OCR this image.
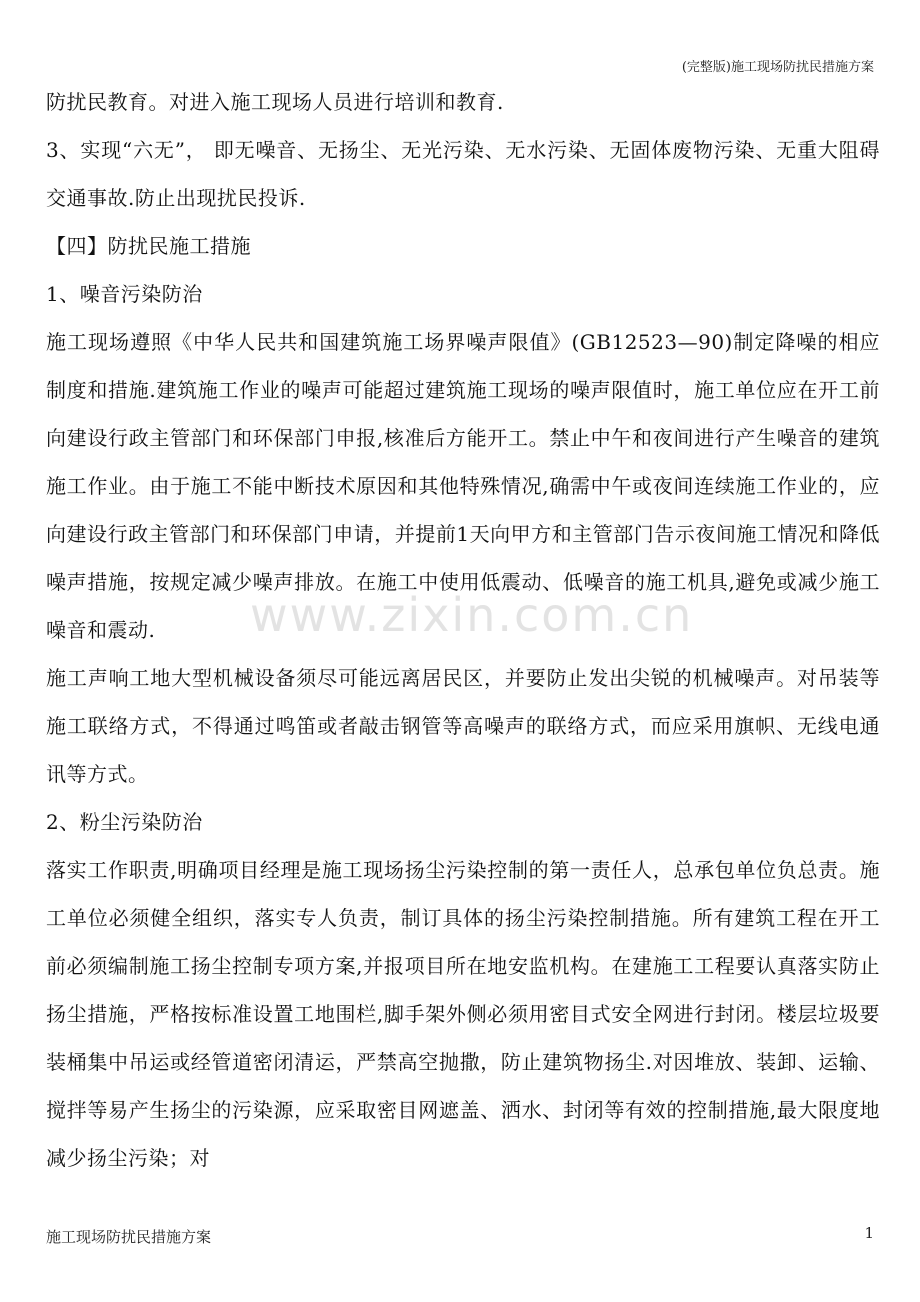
(完整版)施工现场防扰民措施方案

防扰民教育。对进入施工现场人员进行培训和教育.

3、实现“六无”， 即无噪音、无扬尘、无光污染、无水污染、无固体废物污染、无重大阻碍交通事故.防止出现扰民投诉.

【四】防扰民施工措施

1、噪音污染防治

施工现场遵照《中华人民共和国建筑施工场界噪声限值》(GB12523—90)制定降噪的相应制度和措施.建筑施工作业的噪声可能超过建筑施工现场的噪声限值时，施工单位应在开工前向建设行政主管部门和环保部门申报,核准后方能开工。禁止中午和夜间进行产生噪音的建筑施工作业。由于施工不能中断技术原因和其他特殊情况,确需中午或夜间连续施工作业的，应向建设行政主管部门和环保部门申请，并提前1天向甲方和主管部门告示夜间施工情况和降低噪声措施，按规定减少噪声排放。在施工中使用低震动、低噪音的施工机具,避免或减少施工噪音和震动.

施工声响工地大型机械设备须尽可能远离居民区，并要防止发出尖锐的机械噪声。对吊装等施工联络方式，不得通过鸣笛或者敲击钢管等高噪声的联络方式，而应采用旗帜、无线电通讯等方式。

2、粉尘污染防治

落实工作职责,明确项目经理是施工现场扬尘污染控制的第一责任人，总承包单位负总责。施工单位必须健全组织，落实专人负责，制订具体的扬尘污染控制措施。所有建筑工程在开工前必须编制施工扬尘控制专项方案,并报项目所在地安监机构。在建施工工程要认真落实防止扬尘措施，严格按标准设置工地围栏,脚手架外侧必须用密目式安全网进行封闭。楼层垃圾要装桶集中吊运或经管道密闭清运，严禁高空抛撒，防止建筑物扬尘.对因堆放、装卸、运输、搅拌等易产生扬尘的污染源，应采取密目网遮盖、洒水、封闭等有效的控制措施,最大限度地减少扬尘污染；对

www.zixin.com.cn
施工现场防扰民措施方案	1
